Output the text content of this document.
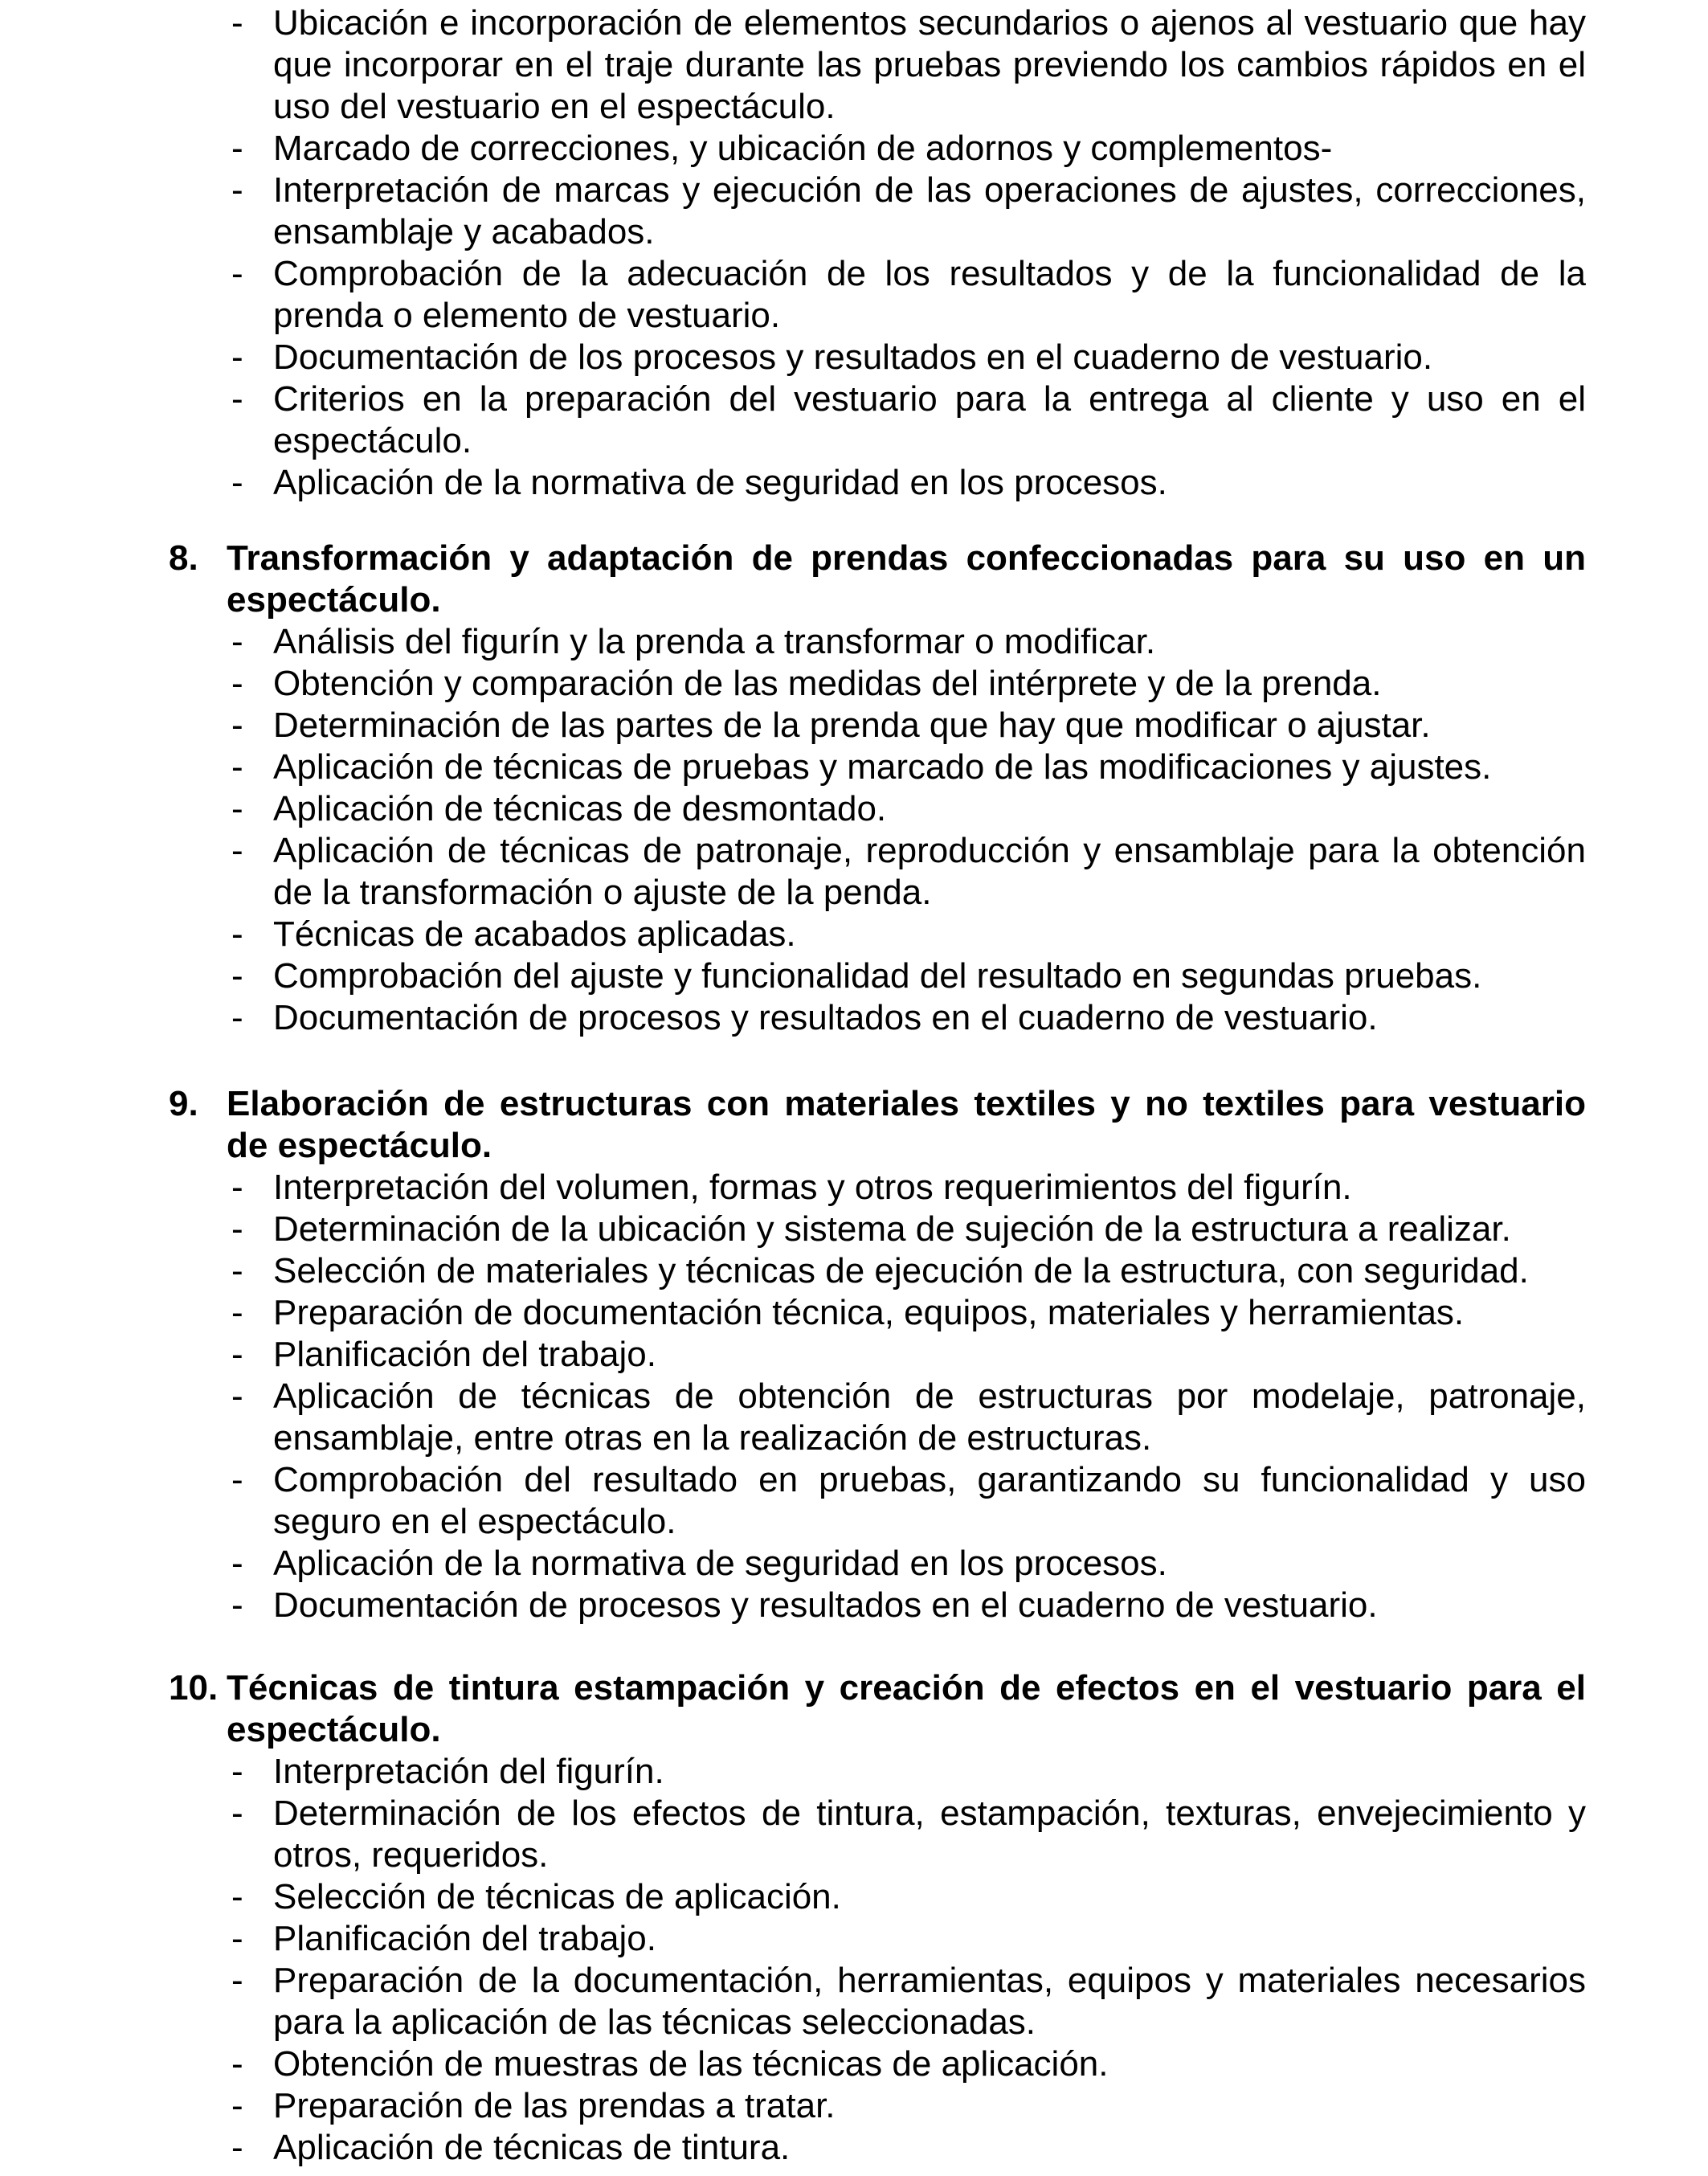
- Ubicación e incorporación de elementos secundarios o ajenos al vestuario que hay que incorporar en el traje durante las pruebas previendo los cambios rápidos en el uso del vestuario en el espectáculo.
- Marcado de correcciones, y ubicación de adornos y complementos-
- Interpretación de marcas y ejecución de las operaciones de ajustes, correcciones, ensamblaje y acabados.
- Comprobación de la adecuación de los resultados y de la funcionalidad de la prenda o elemento de vestuario.
- Documentación de los procesos y resultados en el cuaderno de vestuario.
- Criterios en la preparación del vestuario para la entrega al cliente y uso en el espectáculo.
- Aplicación de la normativa de seguridad en los procesos.
8. Transformación y adaptación de prendas confeccionadas para su uso en un espectáculo.
- Análisis del figurín y la prenda a transformar o modificar.
- Obtención y comparación de las medidas del intérprete y de la prenda.
- Determinación de las partes de la prenda que hay que modificar o ajustar.
- Aplicación de técnicas de pruebas y marcado de las modificaciones y ajustes.
- Aplicación de técnicas de desmontado.
- Aplicación de técnicas de patronaje, reproducción y ensamblaje para la obtención de la transformación o ajuste de la penda.
- Técnicas de acabados aplicadas.
- Comprobación del ajuste y funcionalidad del resultado en segundas pruebas.
- Documentación de procesos y resultados en el cuaderno de vestuario.
9. Elaboración de estructuras con materiales textiles y no textiles para vestuario de espectáculo.
- Interpretación del volumen, formas y otros requerimientos del figurín.
- Determinación de la ubicación y sistema de sujeción de la estructura a realizar.
- Selección de materiales y técnicas de ejecución de la estructura, con seguridad.
- Preparación de documentación técnica, equipos, materiales y herramientas.
- Planificación del trabajo.
- Aplicación de técnicas de obtención de estructuras por modelaje, patronaje, ensamblaje, entre otras en la realización de estructuras.
- Comprobación del resultado en pruebas, garantizando su funcionalidad y uso seguro en el espectáculo.
- Aplicación de la normativa de seguridad en los procesos.
- Documentación de procesos y resultados en el cuaderno de vestuario.
10. Técnicas de tintura estampación y creación de efectos en el vestuario para el espectáculo.
- Interpretación del figurín.
- Determinación de los efectos de tintura, estampación, texturas, envejecimiento y otros, requeridos.
- Selección de técnicas de aplicación.
- Planificación del trabajo.
- Preparación de la documentación, herramientas, equipos y materiales necesarios para la aplicación de las técnicas seleccionadas.
- Obtención de muestras de las técnicas de aplicación.
- Preparación de las prendas a tratar.
- Aplicación de técnicas de tintura.
